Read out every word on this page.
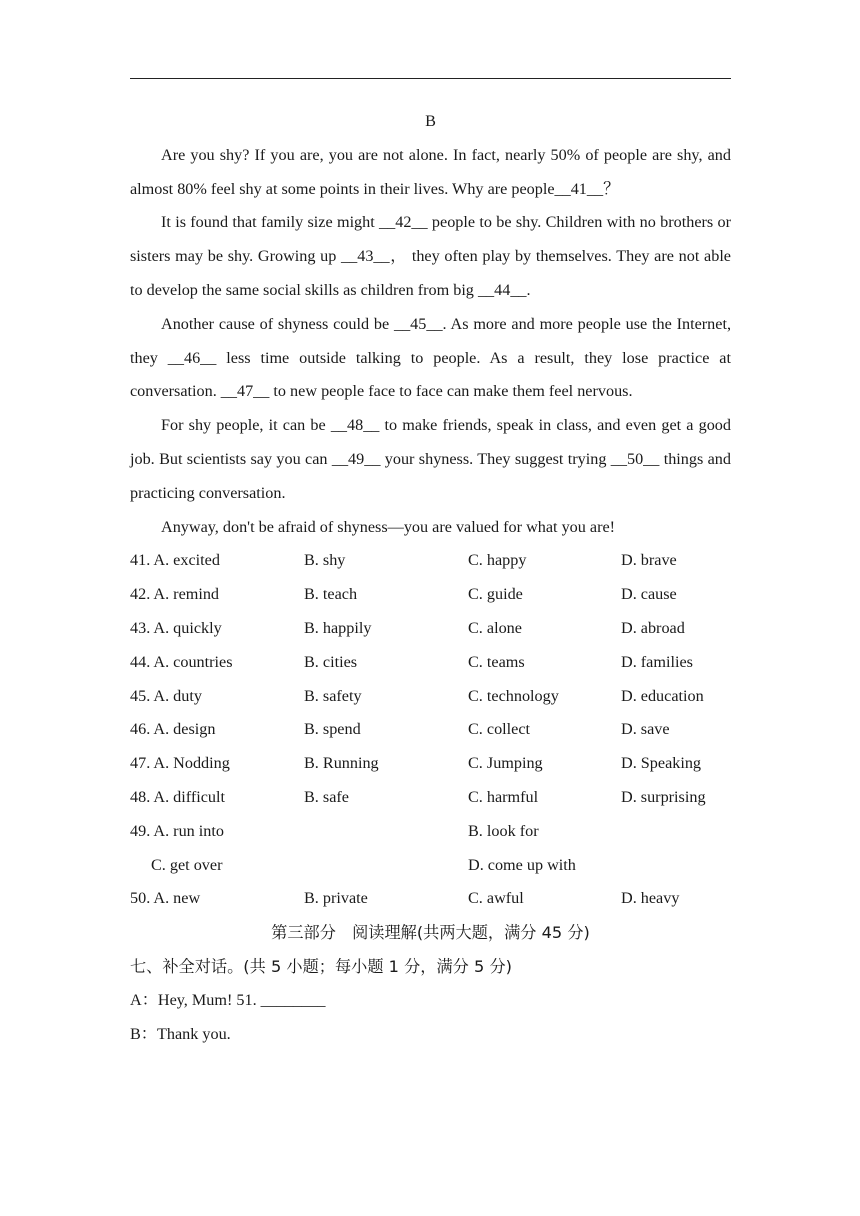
B

Are you shy? If you are, you are not alone. In fact, nearly 50% of people are shy, and almost 80% feel shy at some points in their lives. Why are people__41__？

It is found that family size might __42__ people to be shy. Children with no brothers or sisters may be shy. Growing up __43__， they often play by themselves. They are not able to develop the same social skills as children from big __44__.

Another cause of shyness could be __45__. As more and more people use the Internet, they __46__ less time outside talking to people. As a result, they lose practice at conversation. __47__ to new people face to face can make them feel nervous.

For shy people, it can be __48__ to make friends, speak in class, and even get a good job. But scientists say you can __49__ your shyness. They suggest trying __50__ things and practicing conversation.

Anyway, don't be afraid of shyness—you are valued for what you are!

41. A. excited	B. shy	C. happy	D. brave
42. A. remind	B. teach	C. guide	D. cause
43. A. quickly	B. happily	C. alone	D. abroad
44. A. countries	B. cities	C. teams	D. families
45. A. duty	B. safety	C. technology	D. education
46. A. design	B. spend	C. collect	D. save
47. A. Nodding	B. Running	C. Jumping	D. Speaking
48. A. difficult	B. safe	C. harmful	D. surprising
49. A. run into	B. look for
C. get over	D. come up with
50. A. new	B. private	C. awful	D. heavy
第三部分　阅读理解(共两大题，满分 45 分)
七、补全对话。(共 5 小题；每小题 1 分，满分 5 分)
A：Hey, Mum! 51. ________
B：Thank you.
